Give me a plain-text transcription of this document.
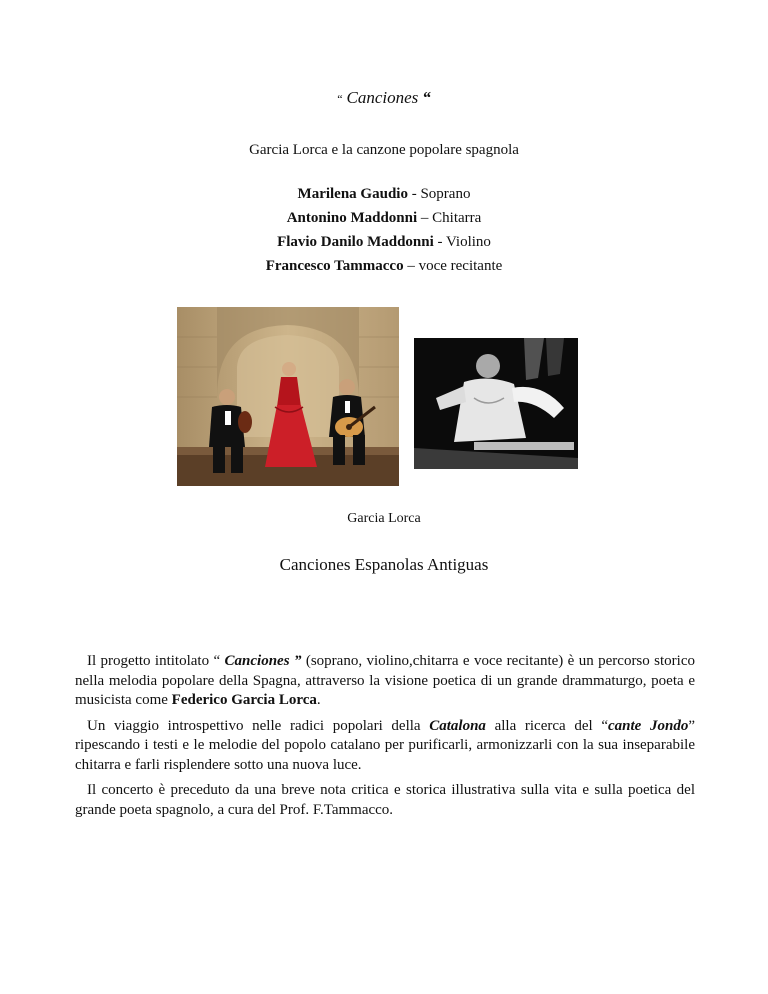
“ Canciones “
Garcia Lorca e la canzone popolare spagnola
Marilena Gaudio - Soprano
Antonino Maddonni – Chitarra
Flavio Danilo Maddonni - Violino
Francesco Tammacco – voce recitante
Garcia Lorca
Canciones Espanolas Antiguas

Il progetto intitolato “ Canciones ” (soprano, violino,chitarra e voce recitante) è un percorso storico nella melodia popolare della Spagna, attraverso la visione poetica di un grande drammaturgo, poeta e musicista come Federico Garcia Lorca.

Un viaggio introspettivo nelle radici popolari della Catalona alla ricerca del “cante Jondo” ripescando i testi e le melodie del popolo catalano per purificarli, armonizzarli con la sua inseparabile chitarra e farli risplendere sotto una nuova luce.

Il concerto è preceduto da una breve nota critica e storica illustrativa sulla vita e sulla poetica del grande poeta spagnolo, a cura del Prof. F.Tammacco.
